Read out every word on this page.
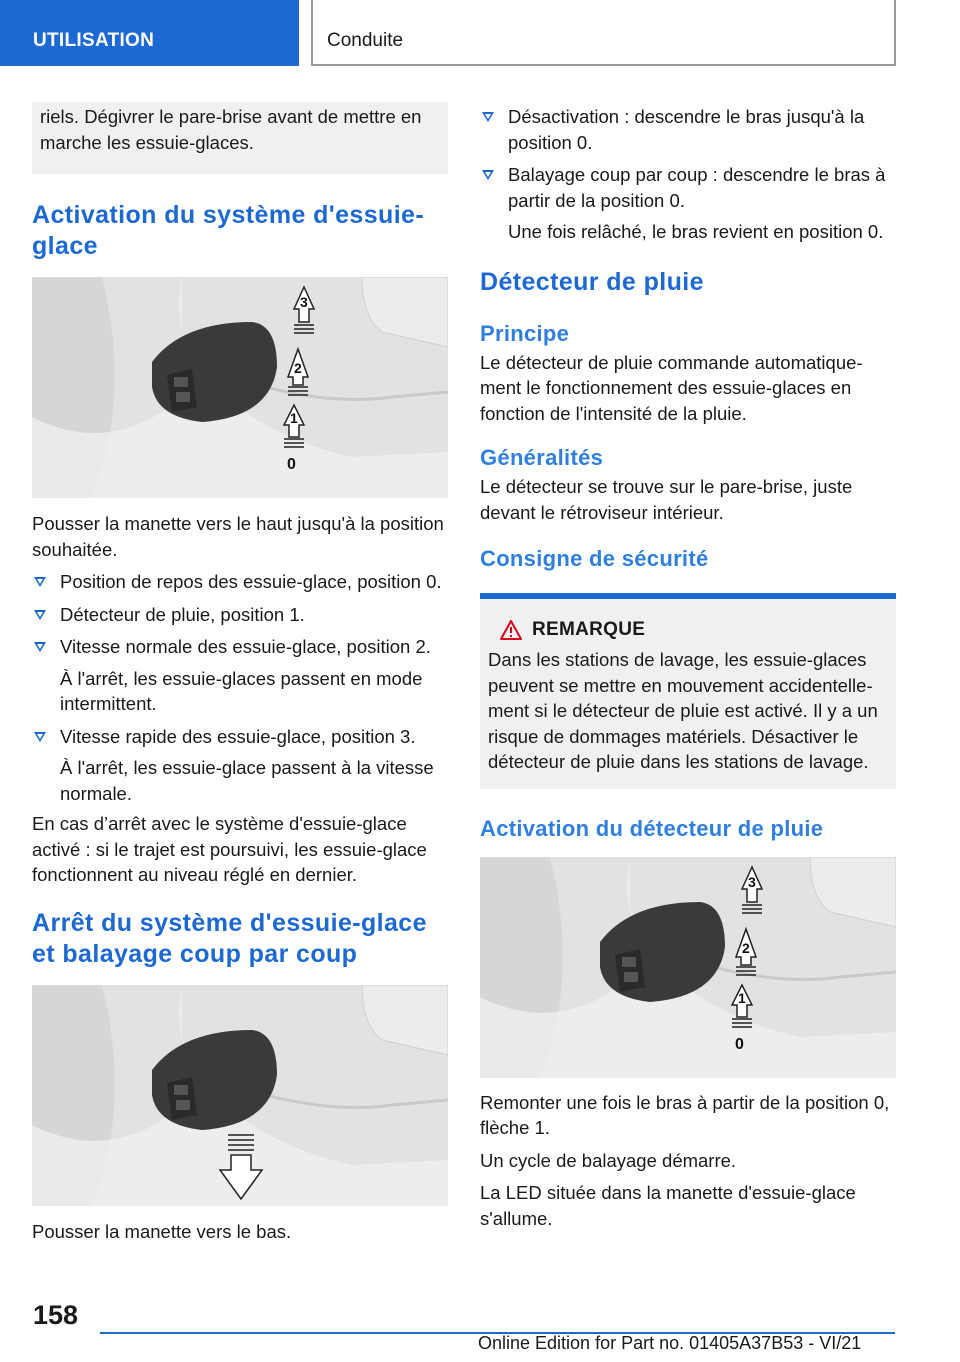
UTILISATION	Conduite
riels. Dégivrer le pare-brise avant de mettre en marche les essuie-glaces.
Activation du système d'essuie-glace
3
2
1
0
Pousser la manette vers le haut jusqu'à la position souhaitée.
Position de repos des essuie-glace, position 0.
Détecteur de pluie, position 1.
Vitesse normale des essuie-glace, position 2.
À l'arrêt, les essuie-glaces passent en mode intermittent.
Vitesse rapide des essuie-glace, position 3.
À l'arrêt, les essuie-glace passent à la vitesse normale.
En cas d’arrêt avec le système d'essuie-glace activé : si le trajet est poursuivi, les essuie-glace fonctionnent au niveau réglé en dernier.
Arrêt du système d'essuie-glace et balayage coup par coup
Pousser la manette vers le bas.
Désactivation : descendre le bras jusqu'à la position 0.
Balayage coup par coup : descendre le bras à partir de la position 0.
Une fois relâché, le bras revient en position 0.
Détecteur de pluie
Principe
Le détecteur de pluie commande automatiquement le fonctionnement des essuie-glaces en fonction de l'intensité de la pluie.
Généralités
Le détecteur se trouve sur le pare-brise, juste devant le rétroviseur intérieur.
Consigne de sécurité
REMARQUE
Dans les stations de lavage, les essuie-glaces peuvent se mettre en mouvement accidentellement si le détecteur de pluie est activé. Il y a un risque de dommages matériels. Désactiver le détecteur de pluie dans les stations de lavage.
Activation du détecteur de pluie
3
2
1
0
Remonter une fois le bras à partir de la position 0, flèche 1.
Un cycle de balayage démarre.
La LED située dans la manette d'essuie-glace s'allume.
158
Online Edition for Part no. 01405A37B53 - VI/21
